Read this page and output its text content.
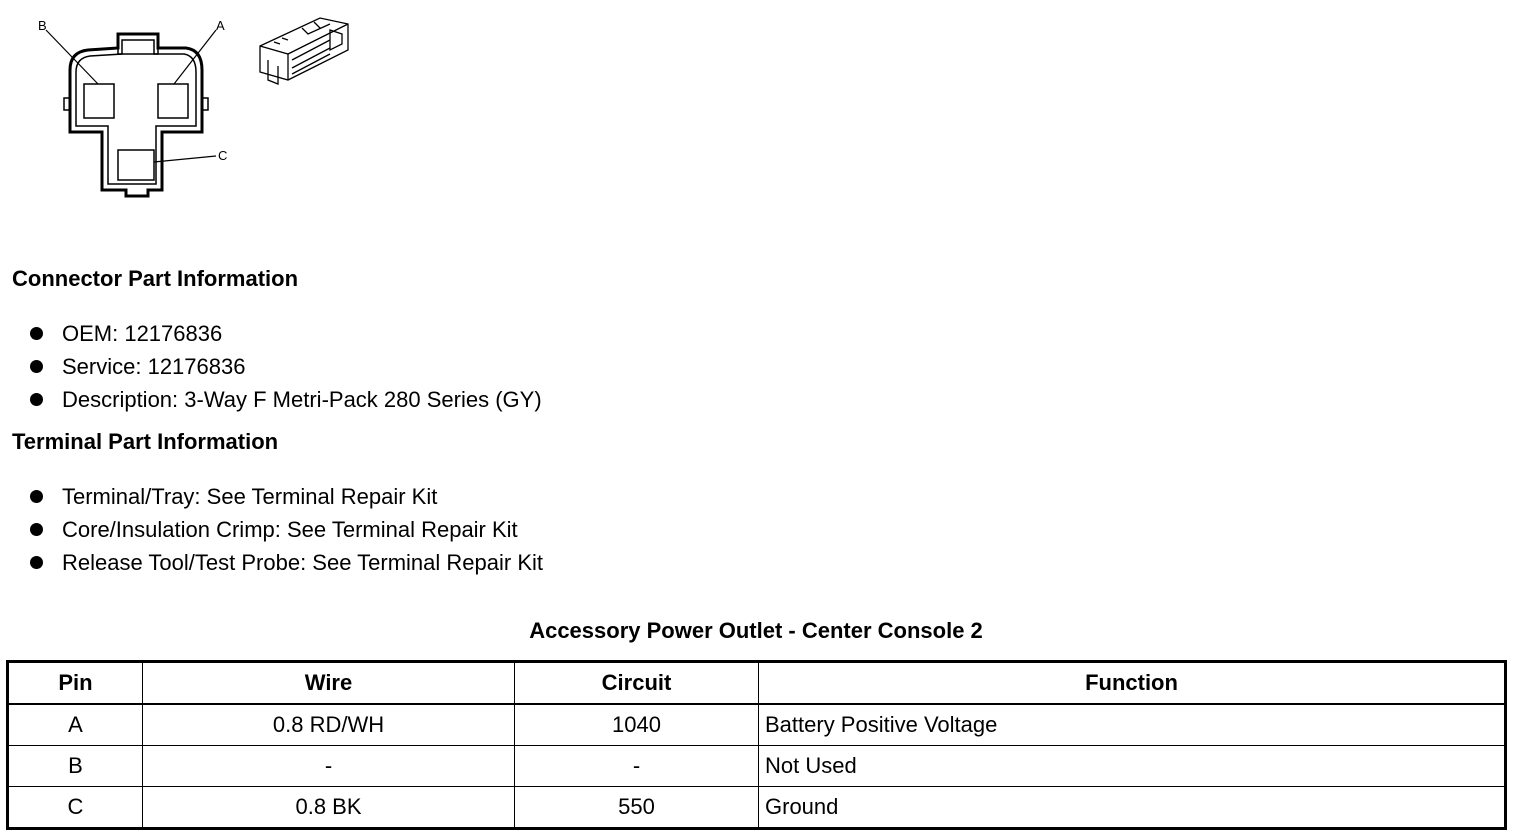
B	A
C
Connector Part Information
OEM: 12176836
Service: 12176836
Description: 3-Way F Metri-Pack 280 Series (GY)
Terminal Part Information
Terminal/Tray: See Terminal Repair Kit
Core/Insulation Crimp: See Terminal Repair Kit
Release Tool/Test Probe: See Terminal Repair Kit
Accessory Power Outlet - Center Console 2
Pin	Wire	Circuit	Function
A	0.8 RD/WH	1040	Battery Positive Voltage
B	-	-	Not Used
C	0.8 BK	550	Ground
